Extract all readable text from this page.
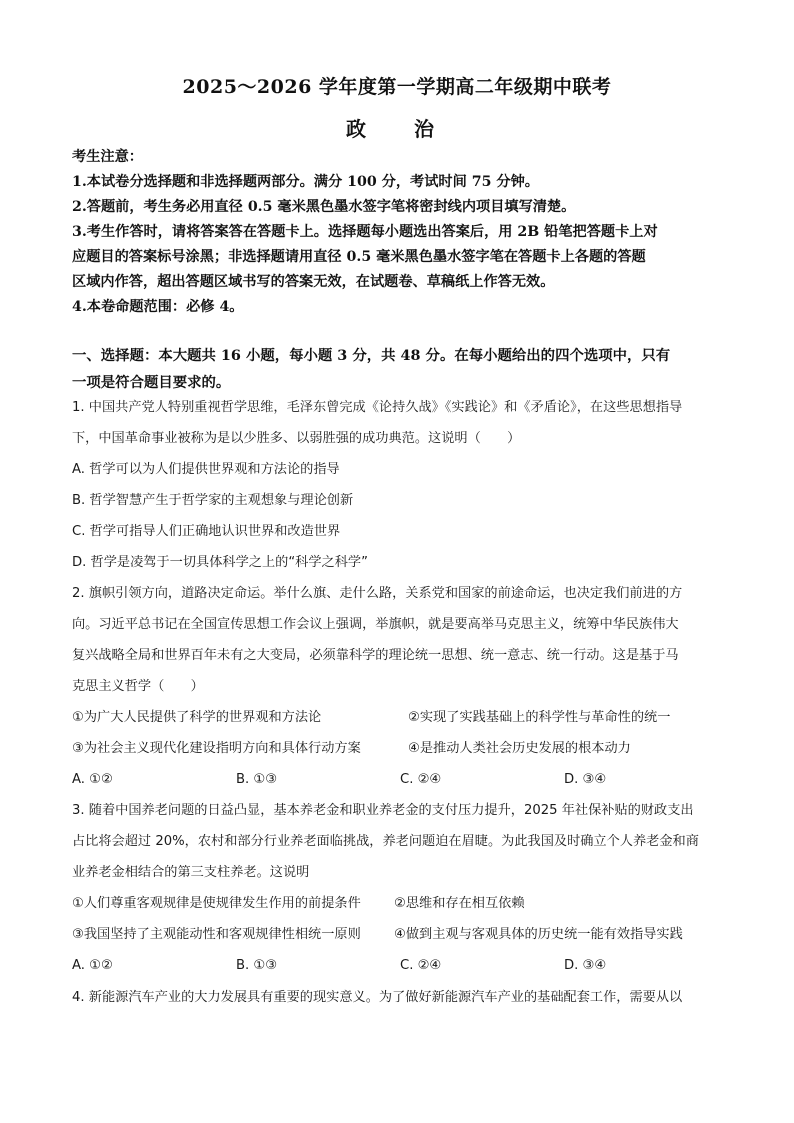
2025～2026 学年度第一学期高二年级期中联考
政　治

考生注意：

1.本试卷分选择题和非选择题两部分。满分 100 分，考试时间 75 分钟。

2.答题前，考生务必用直径 0.5 毫米黑色墨水签字笔将密封线内项目填写清楚。

3.考生作答时，请将答案答在答题卡上。选择题每小题选出答案后，用 2B 铅笔把答题卡上对

应题目的答案标号涂黑；非选择题请用直径 0.5 毫米黑色墨水签字笔在答题卡上各题的答题

区域内作答，超出答题区域书写的答案无效，在试题卷、草稿纸上作答无效。

4.本卷命题范围：必修 4。

一、选择题：本大题共 16 小题，每小题 3 分，共 48 分。在每小题给出的四个选项中，只有
一项是符合题目要求的。

1. 中国共产党人特别重视哲学思维，毛泽东曾完成《论持久战》《实践论》和《矛盾论》，在这些思想指导

下，中国革命事业被称为是以少胜多、以弱胜强的成功典范。这说明（　　）

A. 哲学可以为人们提供世界观和方法论的指导
B. 哲学智慧产生于哲学家的主观想象与理论创新
C. 哲学可指导人们正确地认识世界和改造世界
D. 哲学是凌驾于一切具体科学之上的“科学之科学”

2. 旗帜引领方向，道路决定命运。举什么旗、走什么路，关系党和国家的前途命运，也决定我们前进的方

向。习近平总书记在全国宣传思想工作会议上强调，举旗帜，就是要高举马克思主义，统筹中华民族伟大

复兴战略全局和世界百年未有之大变局，必须靠科学的理论统一思想、统一意志、统一行动。这是基于马

克思主义哲学（　　）

①为广大人民提供了科学的世界观和方法论	②实现了实践基础上的科学性与革命性的统一
③为社会主义现代化建设指明方向和具体行动方案	④是推动人类社会历史发展的根本动力
A. ①②	B. ①③	C. ②④	D. ③④

3. 随着中国养老问题的日益凸显，基本养老金和职业养老金的支付压力提升，2025 年社保补贴的财政支出

占比将会超过 20%，农村和部分行业养老面临挑战，养老问题迫在眉睫。为此我国及时确立个人养老金和商

业养老金相结合的第三支柱养老。这说明

①人们尊重客观规律是使规律发生作用的前提条件	②思维和存在相互依赖
③我国坚持了主观能动性和客观规律性相统一原则	④做到主观与客观具体的历史统一能有效指导实践
A. ①②	B. ①③	C. ②④	D. ③④

4. 新能源汽车产业的大力发展具有重要的现实意义。为了做好新能源汽车产业的基础配套工作，需要从以
